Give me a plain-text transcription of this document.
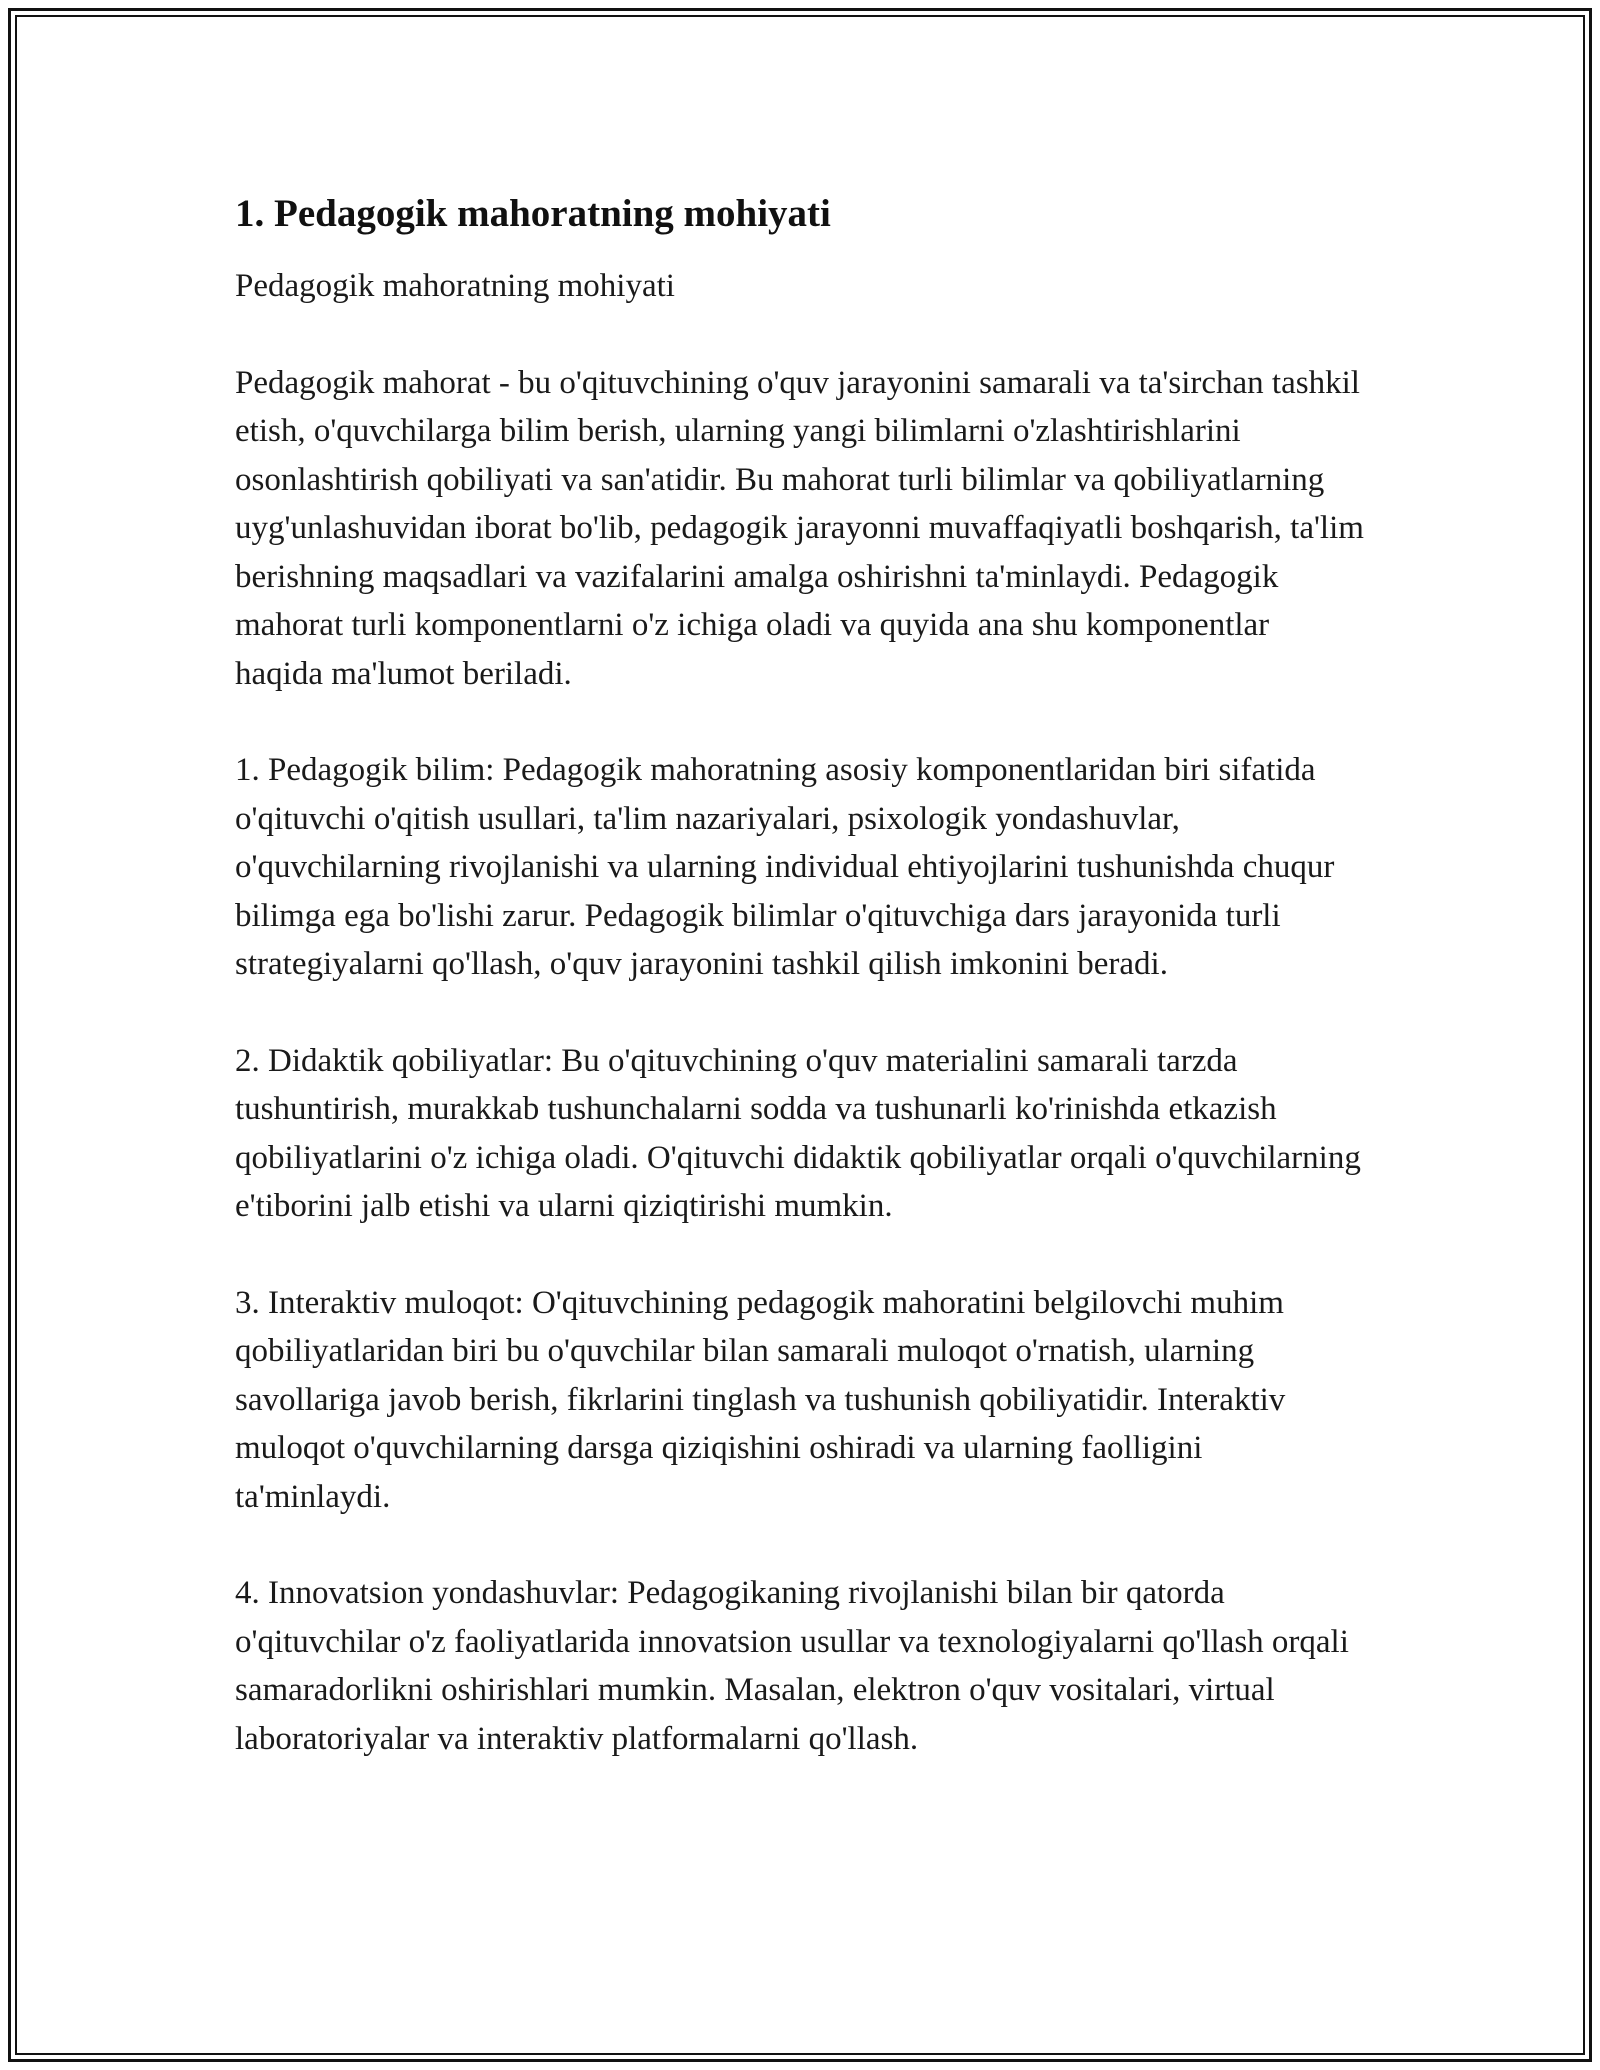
1. Pedagogik mahoratning mohiyati

Pedagogik mahoratning mohiyati

Pedagogik mahorat - bu o'qituvchining o'quv jarayonini samarali va ta'sirchan tashkil etish, o'quvchilarga bilim berish, ularning yangi bilimlarni o'zlashtirishlarini osonlashtirish qobiliyati va san'atidir. Bu mahorat turli bilimlar va qobiliyatlarning uyg'unlashuvidan iborat bo'lib, pedagogik jarayonni muvaffaqiyatli boshqarish, ta'lim berishning maqsadlari va vazifalarini amalga oshirishni ta'minlaydi. Pedagogik mahorat turli komponentlarni o'z ichiga oladi va quyida ana shu komponentlar haqida ma'lumot beriladi.

1. Pedagogik bilim: Pedagogik mahoratning asosiy komponentlaridan biri sifatida o'qituvchi o'qitish usullari, ta'lim nazariyalari, psixologik yondashuvlar, o'quvchilarning rivojlanishi va ularning individual ehtiyojlarini tushunishda chuqur bilimga ega bo'lishi zarur. Pedagogik bilimlar o'qituvchiga dars jarayonida turli strategiyalarni qo'llash, o'quv jarayonini tashkil qilish imkonini beradi.

2. Didaktik qobiliyatlar: Bu o'qituvchining o'quv materialini samarali tarzda tushuntirish, murakkab tushunchalarni sodda va tushunarli ko'rinishda etkazish qobiliyatlarini o'z ichiga oladi. O'qituvchi didaktik qobiliyatlar orqali o'quvchilarning e'tiborini jalb etishi va ularni qiziqtirishi mumkin.

3. Interaktiv muloqot: O'qituvchining pedagogik mahoratini belgilovchi muhim qobiliyatlaridan biri bu o'quvchilar bilan samarali muloqot o'rnatish, ularning savollariga javob berish, fikrlarini tinglash va tushunish qobiliyatidir. Interaktiv muloqot o'quvchilarning darsga qiziqishini oshiradi va ularning faolligini ta'minlaydi.

4. Innovatsion yondashuvlar: Pedagogikaning rivojlanishi bilan bir qatorda o'qituvchilar o'z faoliyatlarida innovatsion usullar va texnologiyalarni qo'llash orqali samaradorlikni oshirishlari mumkin. Masalan, elektron o'quv vositalari, virtual laboratoriyalar va interaktiv platformalarni qo'llash.
